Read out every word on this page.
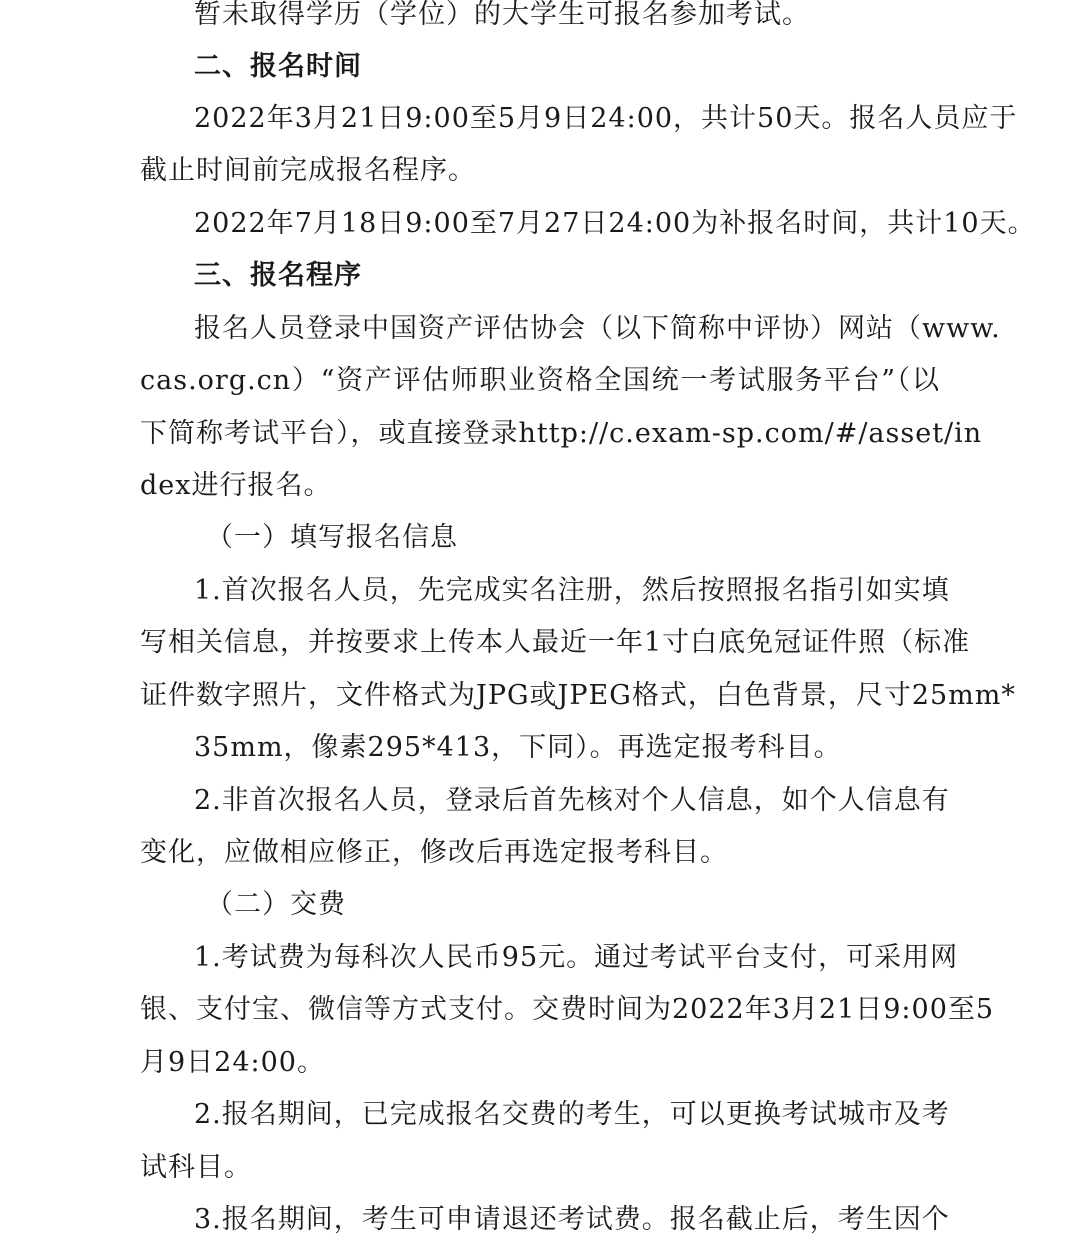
暂未取得学历（学位）的大学生可报名参加考试。
二、报名时间
2022年3月21日9:00至5月9日24:00，共计50天。报名人员应于
截止时间前完成报名程序。
2022年7月18日9:00至7月27日24:00为补报名时间，共计10天。
三、报名程序
报名人员登录中国资产评估协会（以下简称中评协）网站（www.
cas.org.cn）“资产评估师职业资格全国统一考试服务平台”（以
下简称考试平台），或直接登录http://c.exam-sp.com/#/asset/in
dex进行报名。
（一）填写报名信息
1.首次报名人员，先完成实名注册，然后按照报名指引如实填
写相关信息，并按要求上传本人最近一年1寸白底免冠证件照（标准
证件数字照片，文件格式为JPG或JPEG格式，白色背景，尺寸25mm*
35mm，像素295*413，下同）。再选定报考科目。
2.非首次报名人员，登录后首先核对个人信息，如个人信息有
变化，应做相应修正，修改后再选定报考科目。
（二）交费
1.考试费为每科次人民币95元。通过考试平台支付，可采用网
银、支付宝、微信等方式支付。交费时间为2022年3月21日9:00至5
月9日24:00。
2.报名期间，已完成报名交费的考生，可以更换考试城市及考
试科目。
3.报名期间，考生可申请退还考试费。报名截止后，考生因个
